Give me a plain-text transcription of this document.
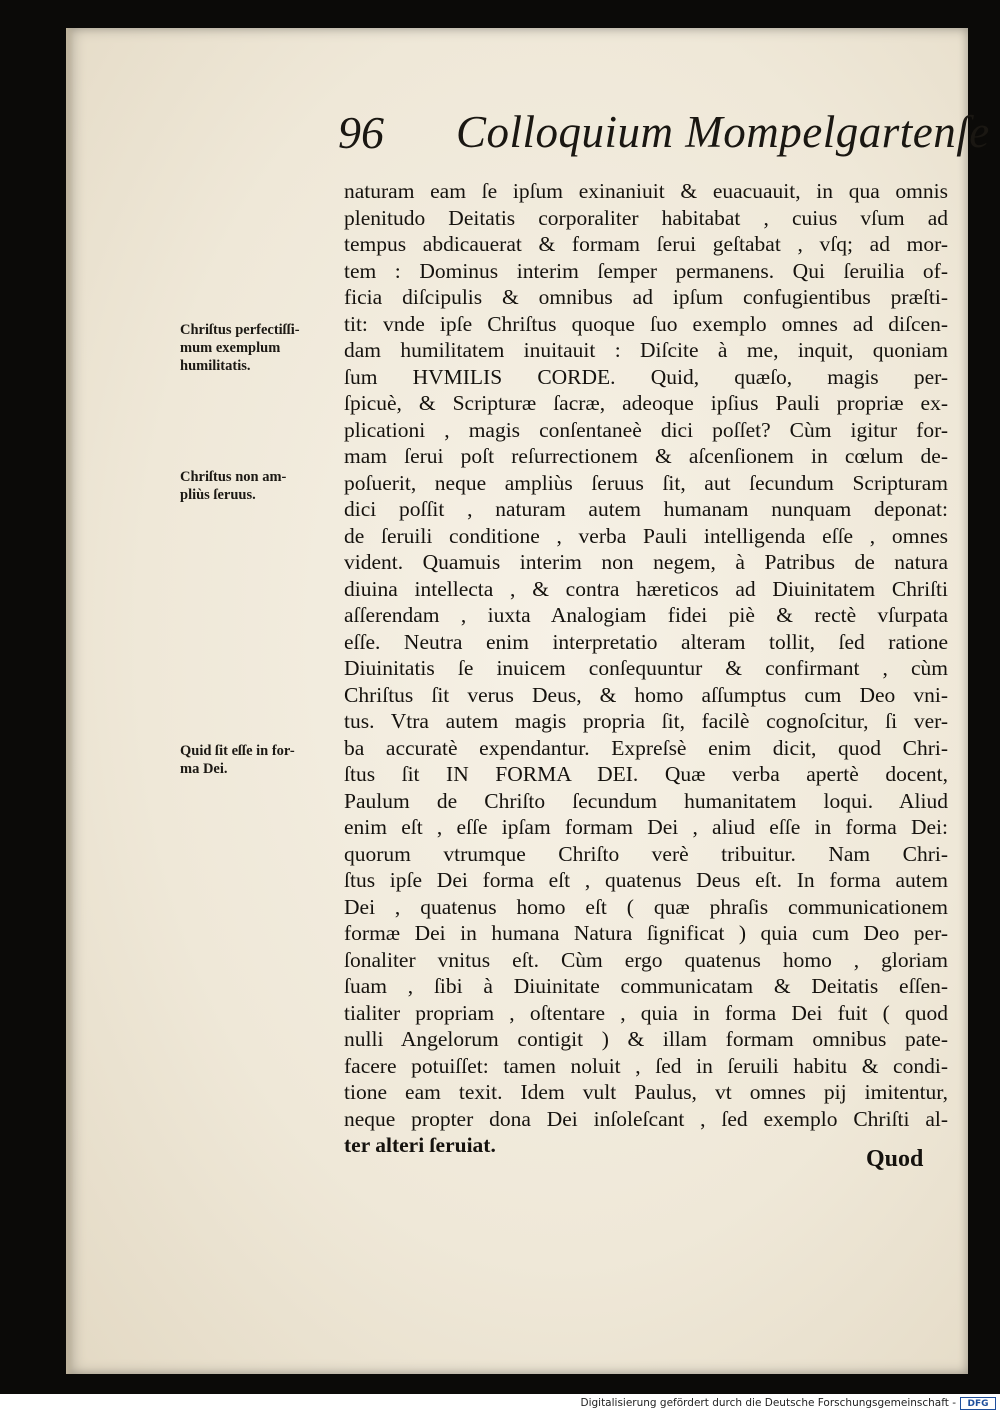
96 Colloquium Mompelgartenſe
Chriſtus perfectiſſi-
mum exemplum
humilitatis.
Chriſtus non am-
pliùs ſeruus.
Quid ſit eſſe in for-
ma Dei.
naturam eam ſe ipſum exinaniuit & euacuauit, in qua omnis
plenitudo Deitatis corporaliter habitabat , cuius vſum ad
tempus abdicauerat & formam ſerui geſtabat , vſq; ad mor-
tem : Dominus interim ſemper permanens. Qui ſeruilia of-
ficia diſcipulis & omnibus ad ipſum confugientibus præſti-
tit: vnde ipſe Chriſtus quoque ſuo exemplo omnes ad diſcen-
dam humilitatem inuitauit : Diſcite à me, inquit, quoniam
ſum HVMILIS CORDE. Quid, quæſo, magis per-
ſpicuè, & Scripturæ ſacræ, adeoque ipſius Pauli propriæ ex-
plicationi , magis conſentaneè dici poſſet? Cùm igitur for-
mam ſerui poſt reſurrectionem & aſcenſionem in cœlum de-
poſuerit, neque ampliùs ſeruus ſit, aut ſecundum Scripturam
dici poſſit , naturam autem humanam nunquam deponat:
de ſeruili conditione , verba Pauli intelligenda eſſe , omnes
vident. Quamuis interim non negem, à Patribus de natura
diuina intellecta , & contra hæreticos ad Diuinitatem Chriſti
aſſerendam , iuxta Analogiam fidei piè & rectè vſurpata
eſſe. Neutra enim interpretatio alteram tollit, ſed ratione
Diuinitatis ſe inuicem conſequuntur & confirmant , cùm
Chriſtus ſit verus Deus, & homo aſſumptus cum Deo vni-
tus. Vtra autem magis propria ſit, facilè cognoſcitur, ſi ver-
ba accuratè expendantur. Expreſsè enim dicit, quod Chri-
ſtus ſit IN FORMA DEI. Quæ verba apertè docent,
Paulum de Chriſto ſecundum humanitatem loqui. Aliud
enim eſt , eſſe ipſam formam Dei , aliud eſſe in forma Dei:
quorum vtrumque Chriſto verè tribuitur. Nam Chri-
ſtus ipſe Dei forma eſt , quatenus Deus eſt. In forma autem
Dei , quatenus homo eſt ( quæ phraſis communicationem
formæ Dei in humana Natura ſignificat ) quia cum Deo per-
ſonaliter vnitus eſt. Cùm ergo quatenus homo , gloriam
ſuam , ſibi à Diuinitate communicatam & Deitatis eſſen-
tialiter propriam , oſtentare , quia in forma Dei fuit ( quod
nulli Angelorum contigit ) & illam formam omnibus pate-
facere potuiſſet: tamen noluit , ſed in ſeruili habitu & condi-
tione eam texit. Idem vult Paulus, vt omnes pij imitentur,
neque propter dona Dei inſoleſcant , ſed exemplo Chriſti al-
ter alteri ſeruiat.
Quod
Digitalisierung gefördert durch die Deutsche Forschungsgemeinschaft -	DFG
